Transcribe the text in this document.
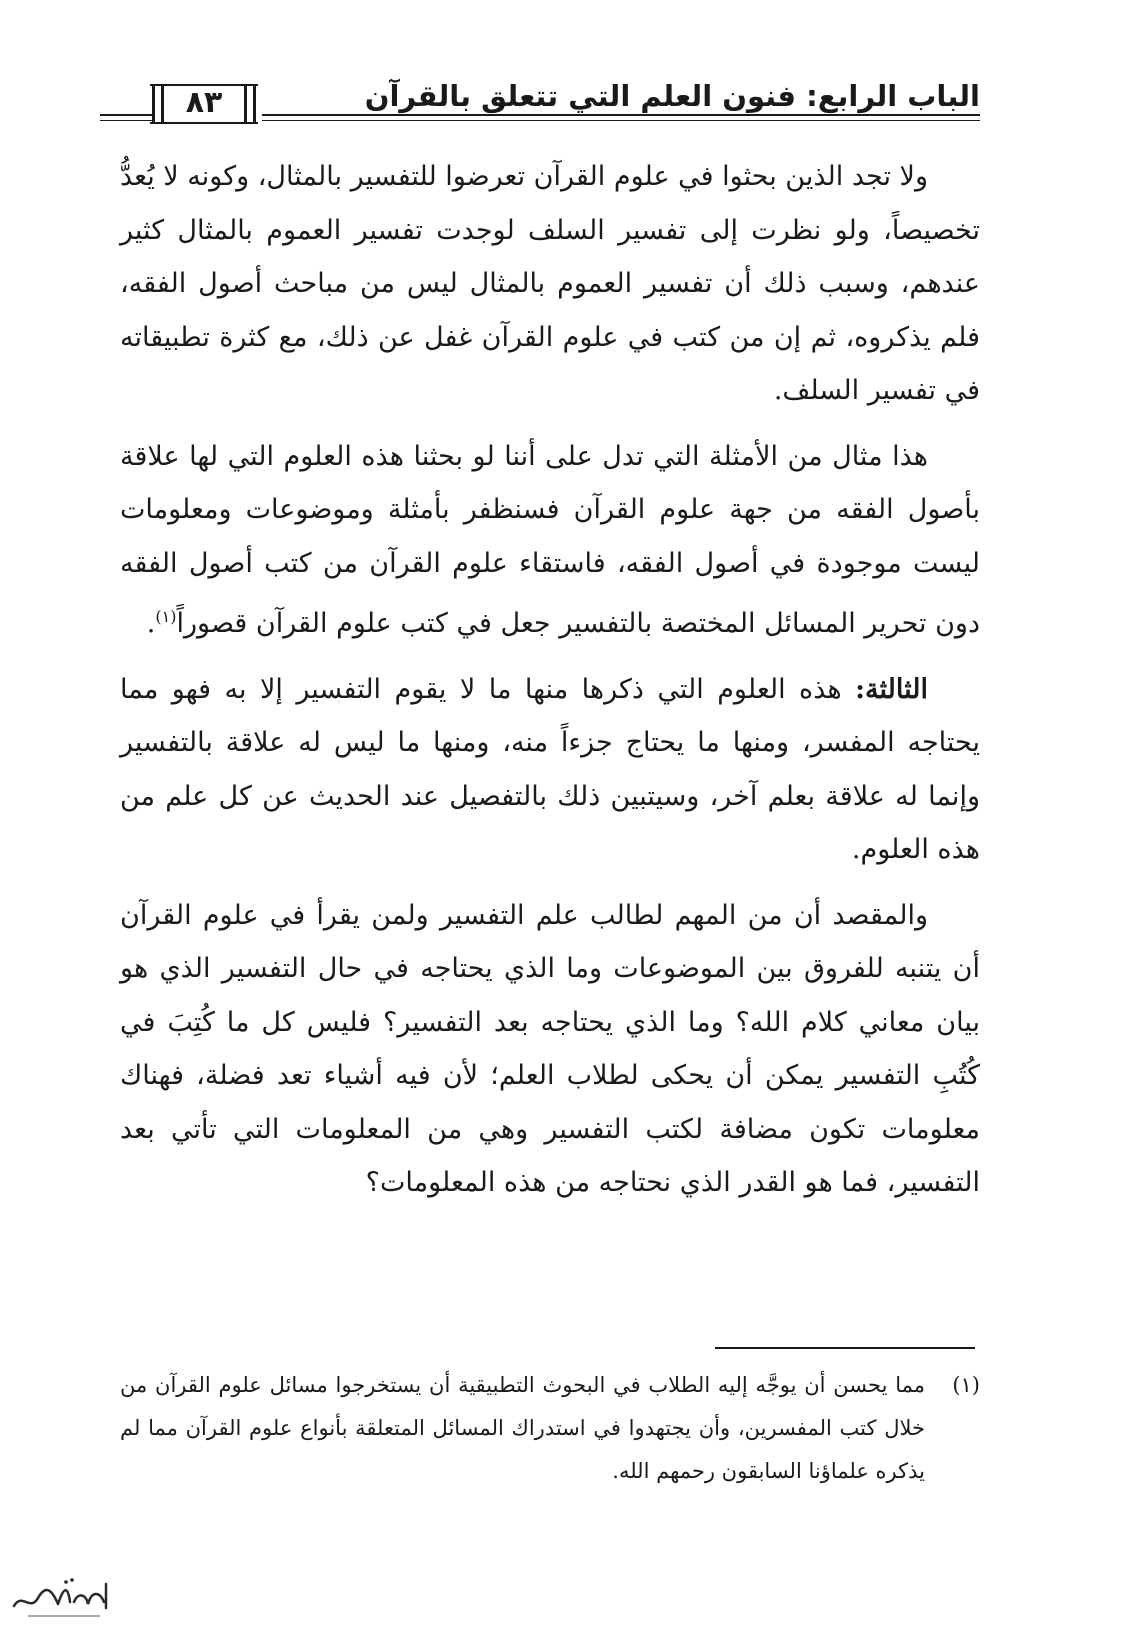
الباب الرابع: فنون العلم التي تتعلق بالقرآن
٨٣

ولا تجد الذين بحثوا في علوم القرآن تعرضوا للتفسير بالمثال، وكونه لا يُعدُّ تخصيصاً، ولو نظرت إلى تفسير السلف لوجدت تفسير العموم بالمثال كثير عندهم، وسبب ذلك أن تفسير العموم بالمثال ليس من مباحث أصول الفقه، فلم يذكروه، ثم إن من كتب في علوم القرآن غفل عن ذلك، مع كثرة تطبيقاته في تفسير السلف.

هذا مثال من الأمثلة التي تدل على أننا لو بحثنا هذه العلوم التي لها علاقة بأصول الفقه من جهة علوم القرآن فسنظفر بأمثلة وموضوعات ومعلومات ليست موجودة في أصول الفقه، فاستقاء علوم القرآن من كتب أصول الفقه دون تحرير المسائل المختصة بالتفسير جعل في كتب علوم القرآن قصوراً$^{(١)}$.

الثالثة: هذه العلوم التي ذكرها منها ما لا يقوم التفسير إلا به فهو مما يحتاجه المفسر، ومنها ما يحتاج جزءاً منه، ومنها ما ليس له علاقة بالتفسير وإنما له علاقة بعلم آخر، وسيتبين ذلك بالتفصيل عند الحديث عن كل علم من هذه العلوم.

والمقصد أن من المهم لطالب علم التفسير ولمن يقرأ في علوم القرآن أن يتنبه للفروق بين الموضوعات وما الذي يحتاجه في حال التفسير الذي هو بيان معاني كلام الله؟ وما الذي يحتاجه بعد التفسير؟ فليس كل ما كُتِبَ في كُتُبِ التفسير يمكن أن يحكى لطلاب العلم؛ لأن فيه أشياء تعد فضلة، فهناك معلومات تكون مضافة لكتب التفسير وهي من المعلومات التي تأتي بعد التفسير، فما هو القدر الذي نحتاجه من هذه المعلومات؟

(١)
مما يحسن أن يوجَّه إليه الطلاب في البحوث التطبيقية أن يستخرجوا مسائل علوم القرآن من خلال كتب المفسرين، وأن يجتهدوا في استدراك المسائل المتعلقة بأنواع علوم القرآن مما لم يذكره علماؤنا السابقون رحمهم الله.
